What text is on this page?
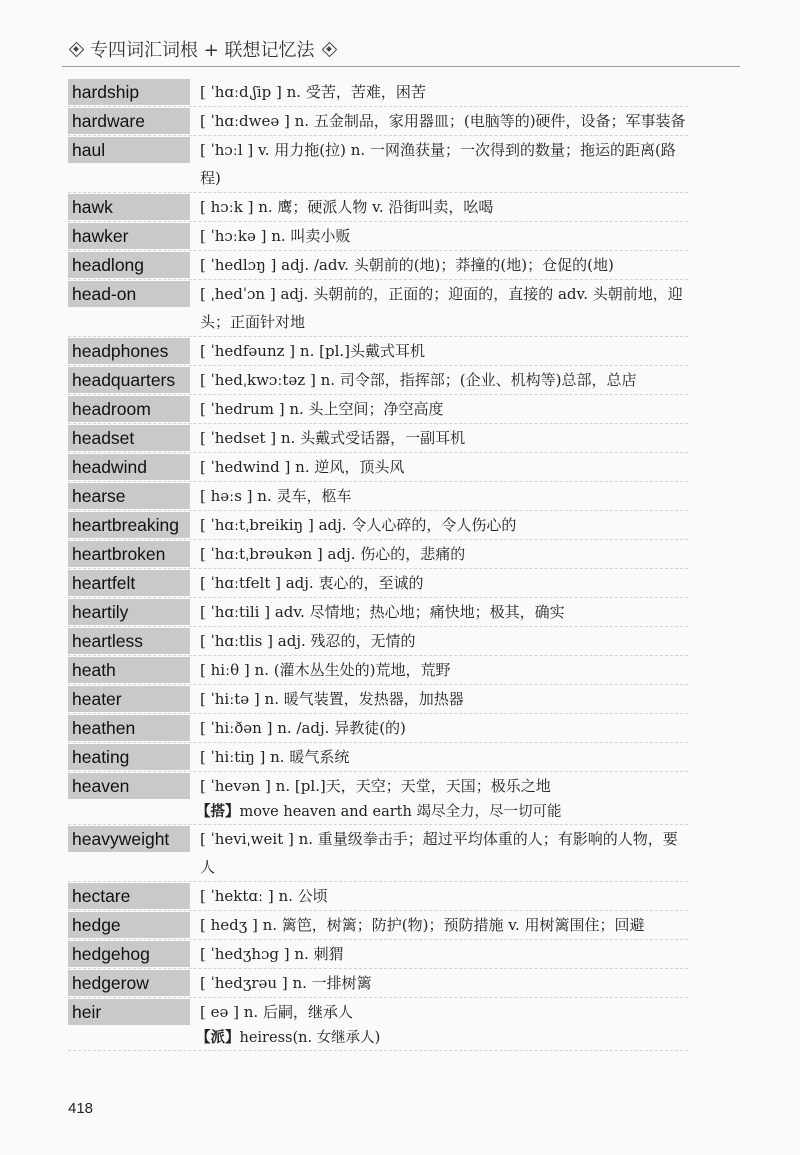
专四词汇词根 + 联想记忆法
hardship	[ ˈhɑːdˌʃip ] n. 受苦，苦难，困苦
hardware	[ ˈhɑːdweə ] n. 五金制品，家用器皿；(电脑等的)硬件，设备；军事装备
haul	[ ˈhɔːl ] v. 用力拖(拉) n. 一网渔获量；一次得到的数量；拖运的距离(路程)
hawk	[ hɔːk ] n. 鹰；硬派人物 v. 沿街叫卖，吆喝
hawker	[ ˈhɔːkə ] n. 叫卖小贩
headlong	[ ˈhedlɔŋ ] adj. /adv. 头朝前的(地)；莽撞的(地)；仓促的(地)
head-on	[ ˌhedˈɔn ] adj. 头朝前的，正面的；迎面的，直接的 adv. 头朝前地，迎头；正面针对地
headphones	[ ˈhedfəunz ] n. [pl.]头戴式耳机
headquarters	[ ˈhedˌkwɔːtəz ] n. 司令部，指挥部；(企业、机构等)总部，总店
headroom	[ ˈhedrum ] n. 头上空间；净空高度
headset	[ ˈhedset ] n. 头戴式受话器，一副耳机
headwind	[ ˈhedwind ] n. 逆风，顶头风
hearse	[ həːs ] n. 灵车，柩车
heartbreaking	[ ˈhɑːtˌbreikiŋ ] adj. 令人心碎的，令人伤心的
heartbroken	[ ˈhɑːtˌbrəukən ] adj. 伤心的，悲痛的
heartfelt	[ ˈhɑːtfelt ] adj. 衷心的，至诚的
heartily	[ ˈhɑːtili ] adv. 尽情地；热心地；痛快地；极其，确实
heartless	[ ˈhɑːtlis ] adj. 残忍的，无情的
heath	[ hiːθ ] n. (灌木丛生处的)荒地，荒野
heater	[ ˈhiːtə ] n. 暖气装置，发热器，加热器
heathen	[ ˈhiːðən ] n. /adj. 异教徒(的)
heating	[ ˈhiːtiŋ ] n. 暖气系统
heaven	[ ˈhevən ] n. [pl.]天，天空；天堂，天国；极乐之地
【搭】move heaven and earth 竭尽全力，尽一切可能
heavyweight	[ ˈheviˌweit ] n. 重量级拳击手；超过平均体重的人；有影响的人物，要人
hectare	[ ˈhektɑː ] n. 公顷
hedge	[ hedʒ ] n. 篱笆，树篱；防护(物)；预防措施 v. 用树篱围住；回避
hedgehog	[ ˈhedʒhɔg ] n. 刺猬
hedgerow	[ ˈhedʒrəu ] n. 一排树篱
heir	[ eə ] n. 后嗣，继承人
【派】heiress(n. 女继承人)
418
